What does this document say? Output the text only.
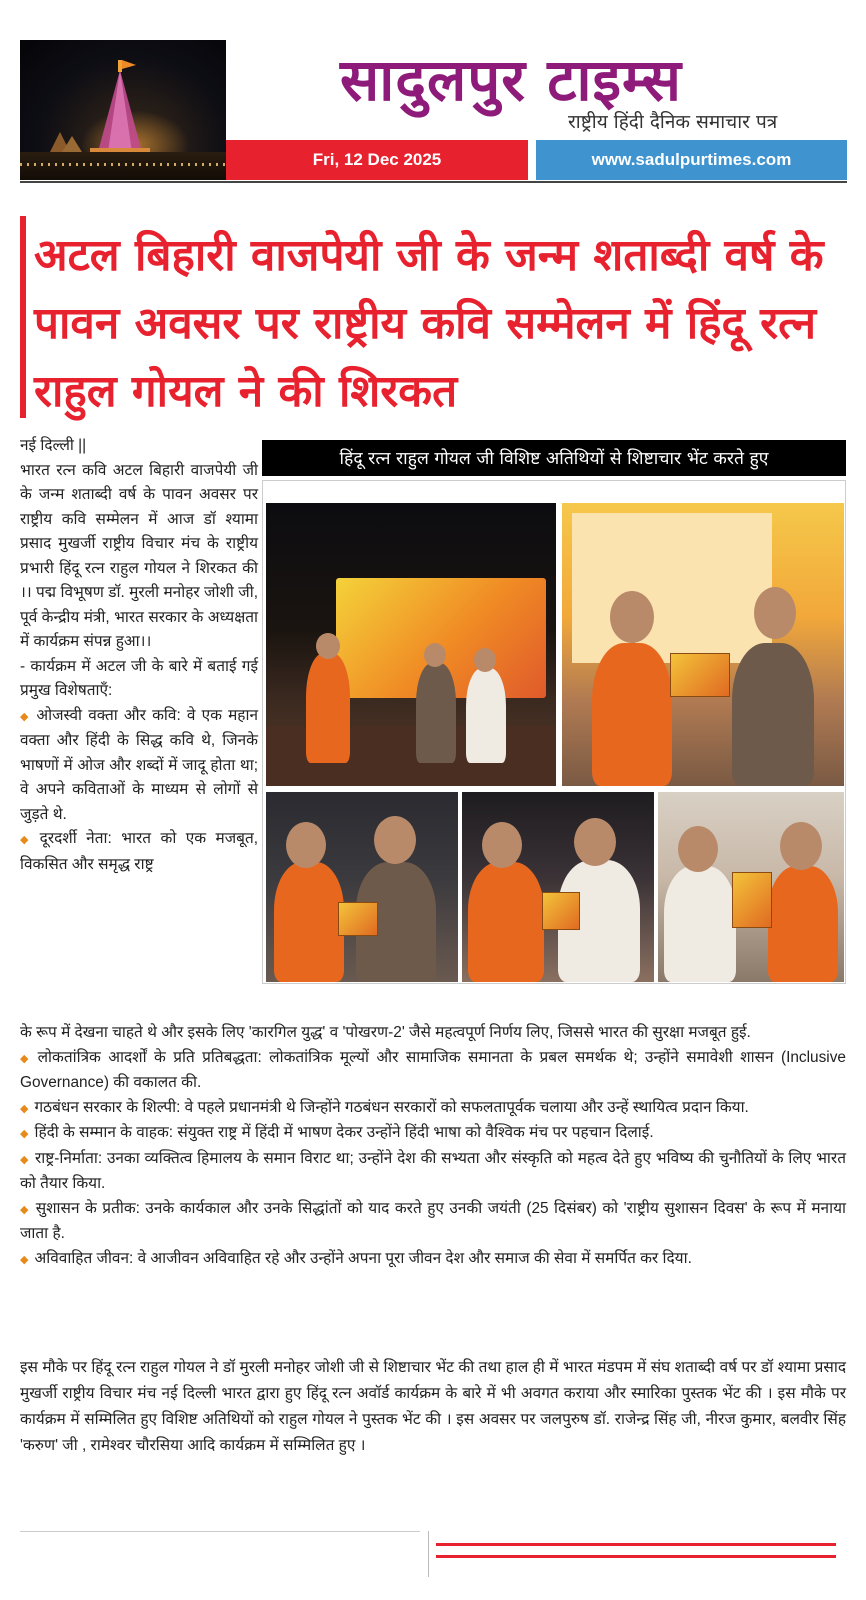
सादुलपुर टाइम्स
राष्ट्रीय हिंदी दैनिक समाचार पत्र
Fri, 12 Dec 2025	www.sadulpurtimes.com
अटल बिहारी वाजपेयी जी के जन्म शताब्दी वर्ष के पावन अवसर पर राष्ट्रीय कवि सम्मेलन में हिंदू रत्न राहुल गोयल ने की शिरकत

नई दिल्ली ||

भारत रत्न कवि अटल बिहारी वाजपेयी जी के जन्म शताब्दी वर्ष के पावन अवसर पर राष्ट्रीय कवि सम्मेलन में आज डॉ श्यामा प्रसाद मुखर्जी राष्ट्रीय विचार मंच के राष्ट्रीय प्रभारी हिंदू रत्न राहुल गोयल ने शिरकत की ।। पद्म विभूषण डॉ. मुरली मनोहर जोशी जी, पूर्व केन्द्रीय मंत्री, भारत सरकार के अध्यक्षता में कार्यक्रम संपन्न हुआ।।

- कार्यक्रम में अटल जी के बारे में बताई गई प्रमुख विशेषताएँ:

◆ ओजस्वी वक्ता और कवि: वे एक महान वक्ता और हिंदी के सिद्ध कवि थे, जिनके भाषणों में ओज और शब्दों में जादू होता था; वे अपने कविताओं के माध्यम से लोगों से जुड़ते थे.

◆ दूरदर्शी नेता: भारत को एक मजबूत, विकसित और समृद्ध राष्ट्र

हिंदू रत्न राहुल गोयल जी विशिष्ट अतिथियों से शिष्टाचार भेंट करते हुए

के रूप में देखना चाहते थे और इसके लिए 'कारगिल युद्ध' व 'पोखरण-2' जैसे महत्वपूर्ण निर्णय लिए, जिससे भारत की सुरक्षा मजबूत हुई.

◆ लोकतांत्रिक आदर्शों के प्रति प्रतिबद्धता: लोकतांत्रिक मूल्यों और सामाजिक समानता के प्रबल समर्थक थे; उन्होंने समावेशी शासन (Inclusive Governance) की वकालत की.

◆ गठबंधन सरकार के शिल्पी: वे पहले प्रधानमंत्री थे जिन्होंने गठबंधन सरकारों को सफलतापूर्वक चलाया और उन्हें स्थायित्व प्रदान किया.

◆ हिंदी के सम्मान के वाहक: संयुक्त राष्ट्र में हिंदी में भाषण देकर उन्होंने हिंदी भाषा को वैश्विक मंच पर पहचान दिलाई.

◆ राष्ट्र-निर्माता: उनका व्यक्तित्व हिमालय के समान विराट था; उन्होंने देश की सभ्यता और संस्कृति को महत्व देते हुए भविष्य की चुनौतियों के लिए भारत को तैयार किया.

◆ सुशासन के प्रतीक: उनके कार्यकाल और उनके सिद्धांतों को याद करते हुए उनकी जयंती (25 दिसंबर) को 'राष्ट्रीय सुशासन दिवस' के रूप में मनाया जाता है.

◆ अविवाहित जीवन: वे आजीवन अविवाहित रहे और उन्होंने अपना पूरा जीवन देश और समाज की सेवा में समर्पित कर दिया.

इस मौके पर हिंदू रत्न राहुल गोयल ने डॉ मुरली मनोहर जोशी जी से शिष्टाचार भेंट की तथा हाल ही में भारत मंडपम में संघ शताब्दी वर्ष पर डॉ श्यामा प्रसाद मुखर्जी राष्ट्रीय विचार मंच नई दिल्ली भारत द्वारा हुए हिंदू रत्न अवॉर्ड कार्यक्रम के बारे में भी अवगत कराया और स्मारिका पुस्तक भेंट की । इस मौके पर कार्यक्रम में सम्मिलित हुए विशिष्ट अतिथियों को राहुल गोयल ने पुस्तक भेंट की । इस अवसर पर जलपुरुष डॉ. राजेन्द्र सिंह जी, नीरज कुमार, बलवीर सिंह 'करुण' जी , रामेश्वर चौरसिया आदि कार्यक्रम में सम्मिलित हुए ।
